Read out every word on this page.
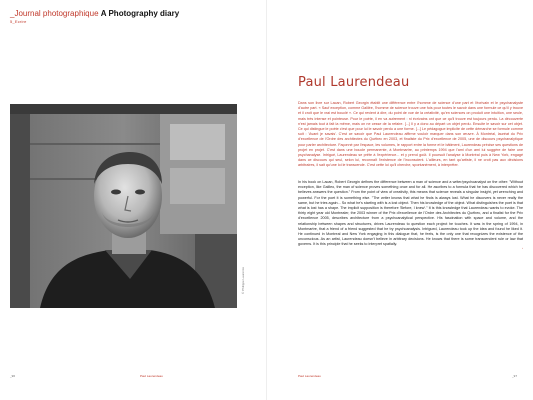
_Journal photographique A Photography diary
5_Ecrire
© Philippe Laurence
Paul Laurendeau
Dans son livre sur Lacan, Robert Georgin établit une différence entre l'homme de science d'une part et l'écrivain et le psychanalyste d'autre part. « Sauf exception, comme Galilée, l'homme de science trouve une fois pour toutes le savoir dans une formule ce qu'il y trouve et il croit que le vrai est bouclé ». Ce qui revient à dire, du point de vue de la créativité, qu'en sciences on produit une intuition, une seule, mais très intense et pointeuse. Pour le poète, il en va autrement : ni écrivains ont que ce qu'il trouve est toujours perdu. La découverte n'est jamais tout à fait la même, mais on ne cesse de la refaire. [...] Il y a donc au départ un objet perdu. Ensuite le savoir sur cet objet. Ce qui distingue le poète c'est que pour lui le savoir perdu a une forme. [...] Le pédagogue implicite de cette démarche se formule comme suit : 'Avant je savais'. C'est ce savoir que Paul Laurendeau affirme vouloir marquer dans son œuvre. À Montréal, lauréat du Prix d'excellence de l'Ordre des architectes du Québec en 2003, et finaliste du Prix d'excellence de 2005, une de discours psychanalytique pour parler architecture. Façonné par l'espace, les volumes, le rapport entre la forme et le bâtiment, Laurendeau précise ses questions de projet en projet. C'est dans une boucle permanente, à Montmartre, au printemps 1994 que l'ami d'un ami lui suggère de faire une psychanalyse. Intrigué, Laurendeau se prête à l'expérience... et y prend goût. Il poursuit l'analyse à Montréal puis à New York, engagé dans ce discours qui seul, selon lui, reconnaît l'existence de l'inconscient. L'ailleurs, en tant qu'artiste, il ne croit pas aux décisions arbitraires, il sait qu'une loi le transcende. C'est cette loi qu'il cherche, spontanément, à interpréter.
In his book on Lacan, Robert Georgin defines the difference between a man of science and a writer/psychoanalyst on the other: "Without exception, like Galileo, the man of science proves something once and for all. He ascribes to a formula that he has discovered which he believes answers the question." From the point of view of creativity, this means that science reveals a singular insight, yet wrenching and powerful. For the poet it is something else. "The writer knows that what he finds is always lost. What he discovers is never really the same, but he tries again... So what he's starting with is a lost object. Then his knowledge of the object. What distinguishes the poet is that what is lost has a shape. The implicit supposition is therefore 'Before, I knew'." It is this knowledge that Laurendeau wants to evoke. The thirty eight year old Montrealer, the 2003 winner of the Prix d'excellence de l'Ordre des Architectes du Québec, and a finalist for the Prix d'excellence 2005, describes architecture from a psychoanalytical perspective. His fascination with space and volume, and the relationship between shapes and structures, drives Laurendeau to question each project he touches. It was in the spring of 1994, in Montmartre, that a friend of a friend suggested that he try psychoanalysis. Intrigued, Laurendeau took up the idea and found he liked it. He continued in Montreal and New York engaging in this dialogue that, he feels, is the only one that recognizes the existence of the unconscious. As an artist, Laurendeau doesn't believe in arbitrary decisions. He knows that there is some transcendent rule or law that governs. It is this principle that he seeks to interpret spatially.
‹
_96	Paul Laurendeau	Paul Laurendeau	_97
